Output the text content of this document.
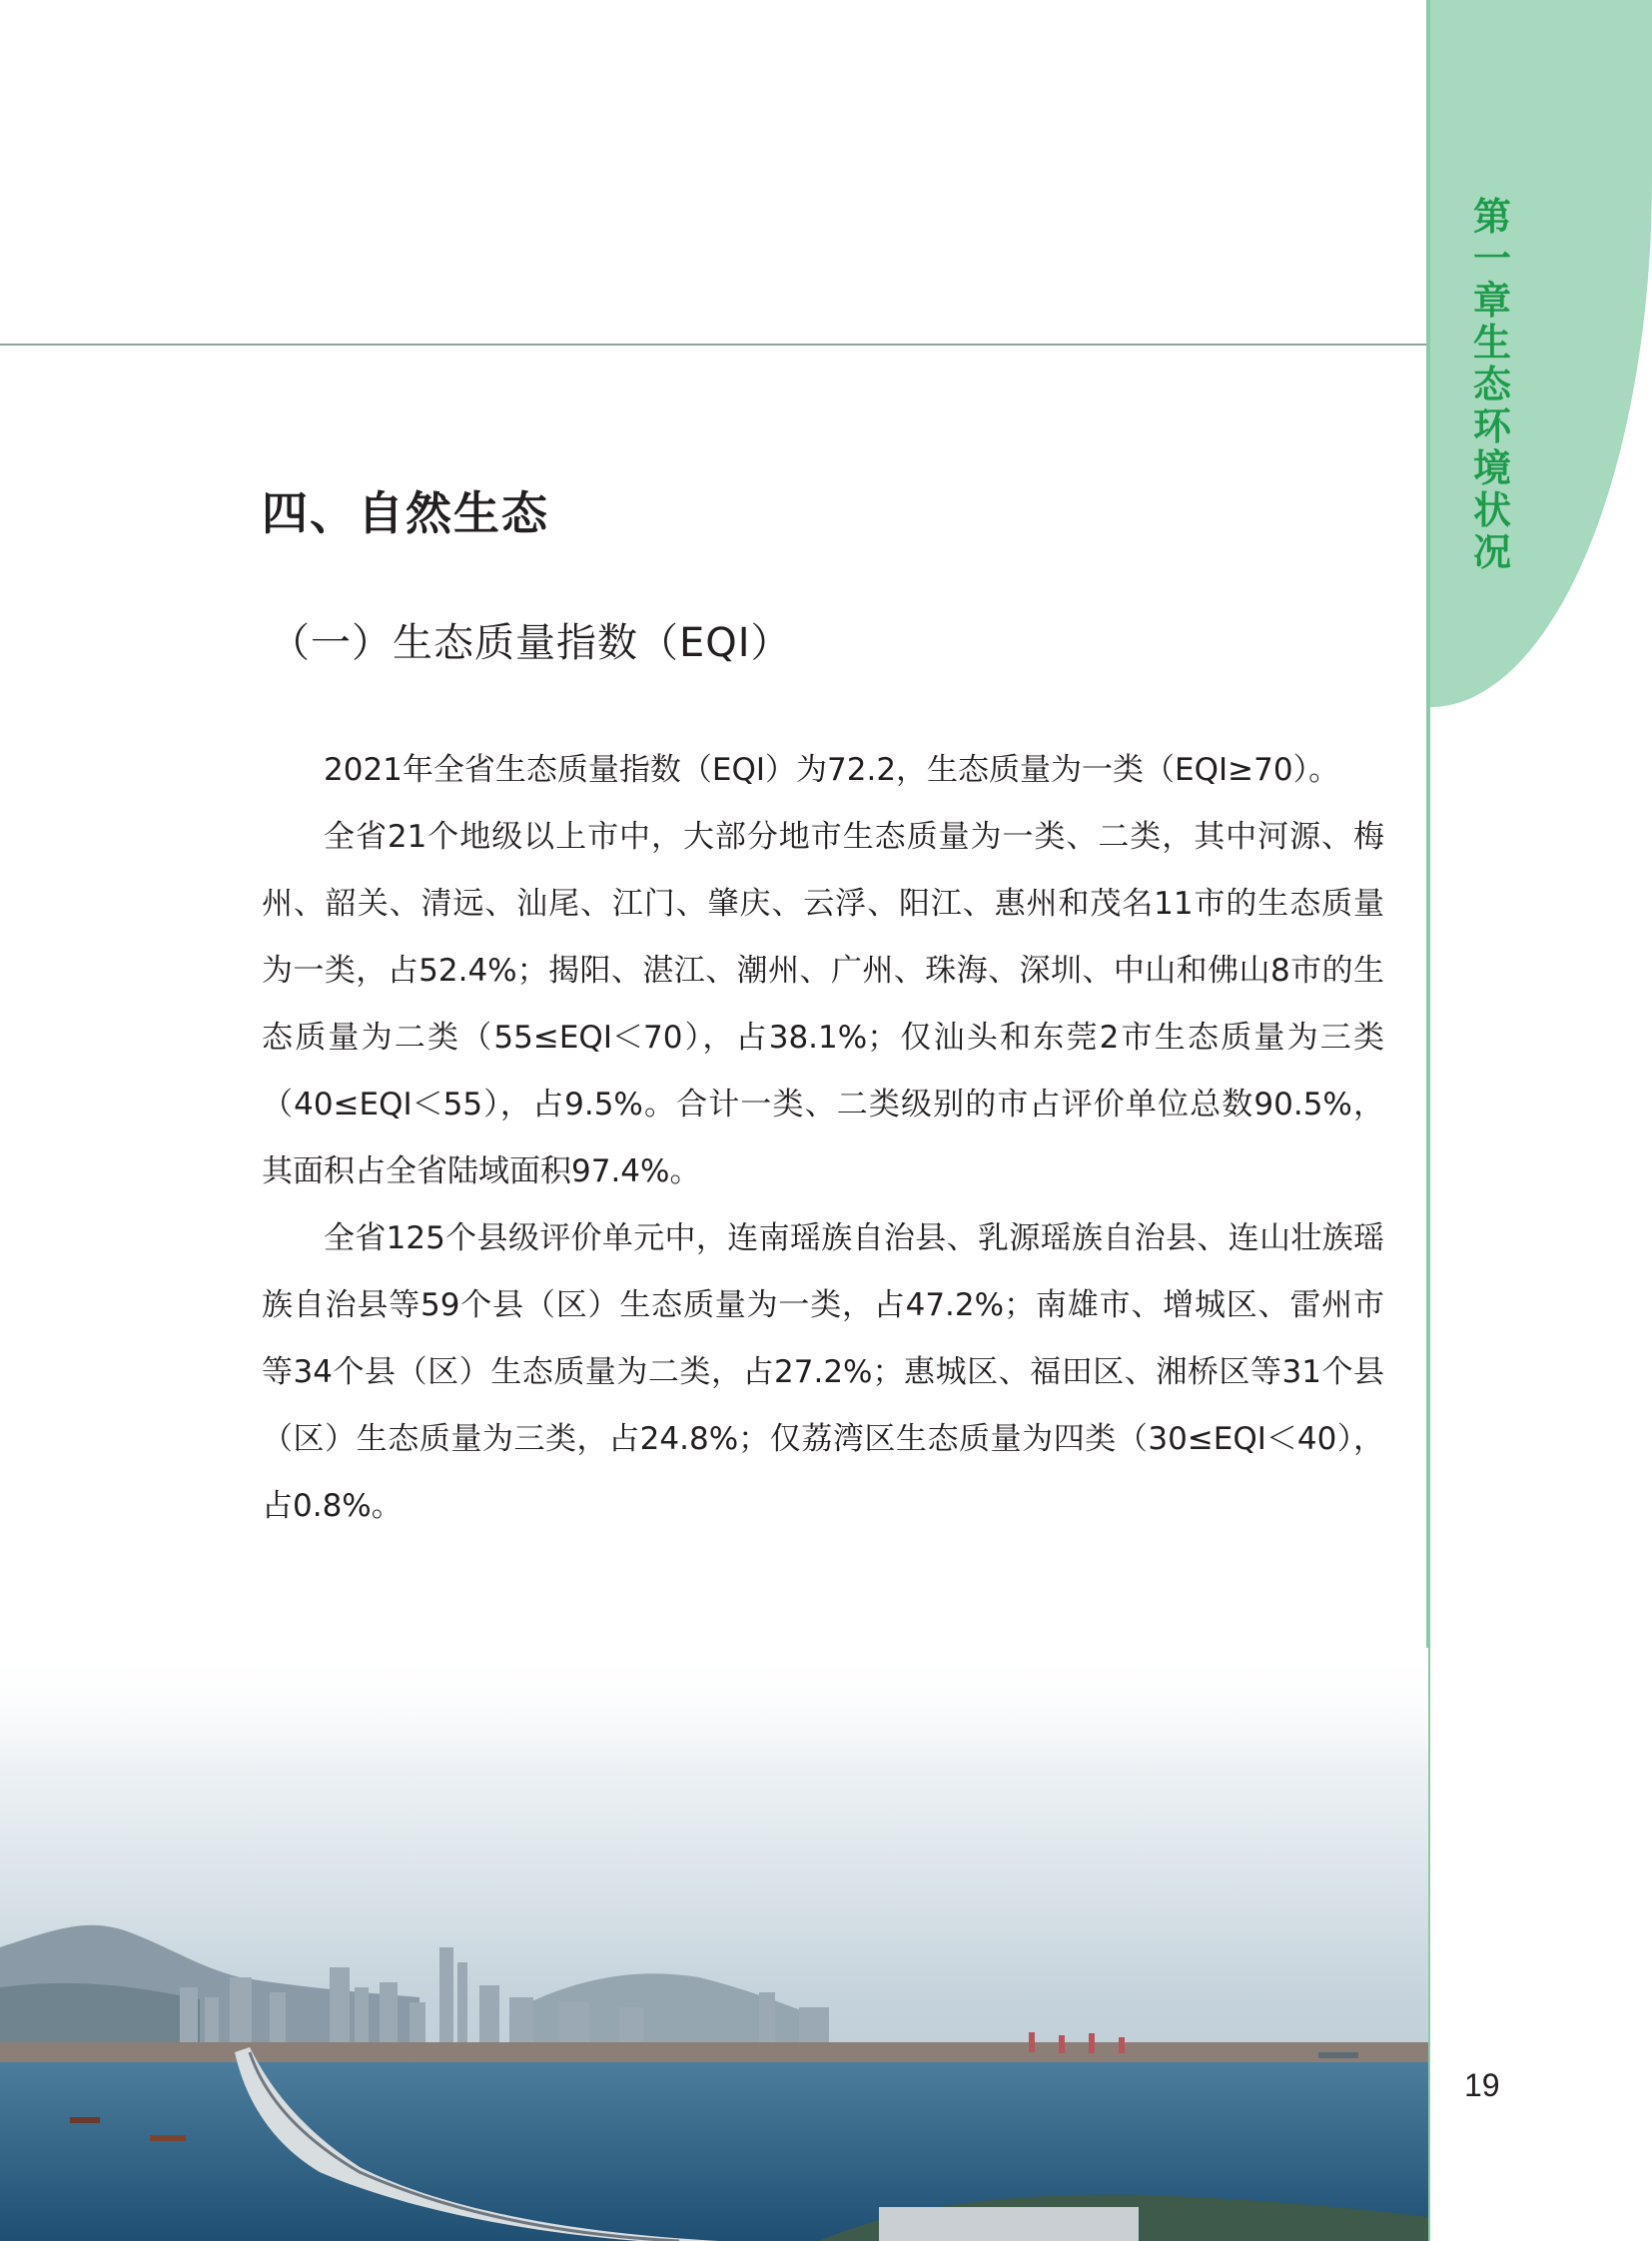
第一章 生态环境状况
四、自然生态
（一）生态质量指数（EQI）

2021年全省生态质量指数（EQI）为72.2，生态质量为一类（EQI≥70）。

全省21个地级以上市中，大部分地市生态质量为一类、二类，其中河源、梅州、韶关、清远、汕尾、江门、肇庆、云浮、阳江、惠州和茂名11市的生态质量为一类，占52.4%；揭阳、湛江、潮州、广州、珠海、深圳、中山和佛山8市的生态质量为二类（55≤EQI＜70），占38.1%；仅汕头和东莞2市生态质量为三类（40≤EQI＜55），占9.5%。合计一类、二类级别的市占评价单位总数90.5%，其面积占全省陆域面积97.4%。

全省125个县级评价单元中，连南瑶族自治县、乳源瑶族自治县、连山壮族瑶族自治县等59个县（区）生态质量为一类，占47.2%；南雄市、增城区、雷州市等34个县（区）生态质量为二类，占27.2%；惠城区、福田区、湘桥区等31个县（区）生态质量为三类，占24.8%；仅荔湾区生态质量为四类（30≤EQI＜40），占0.8%。

19
